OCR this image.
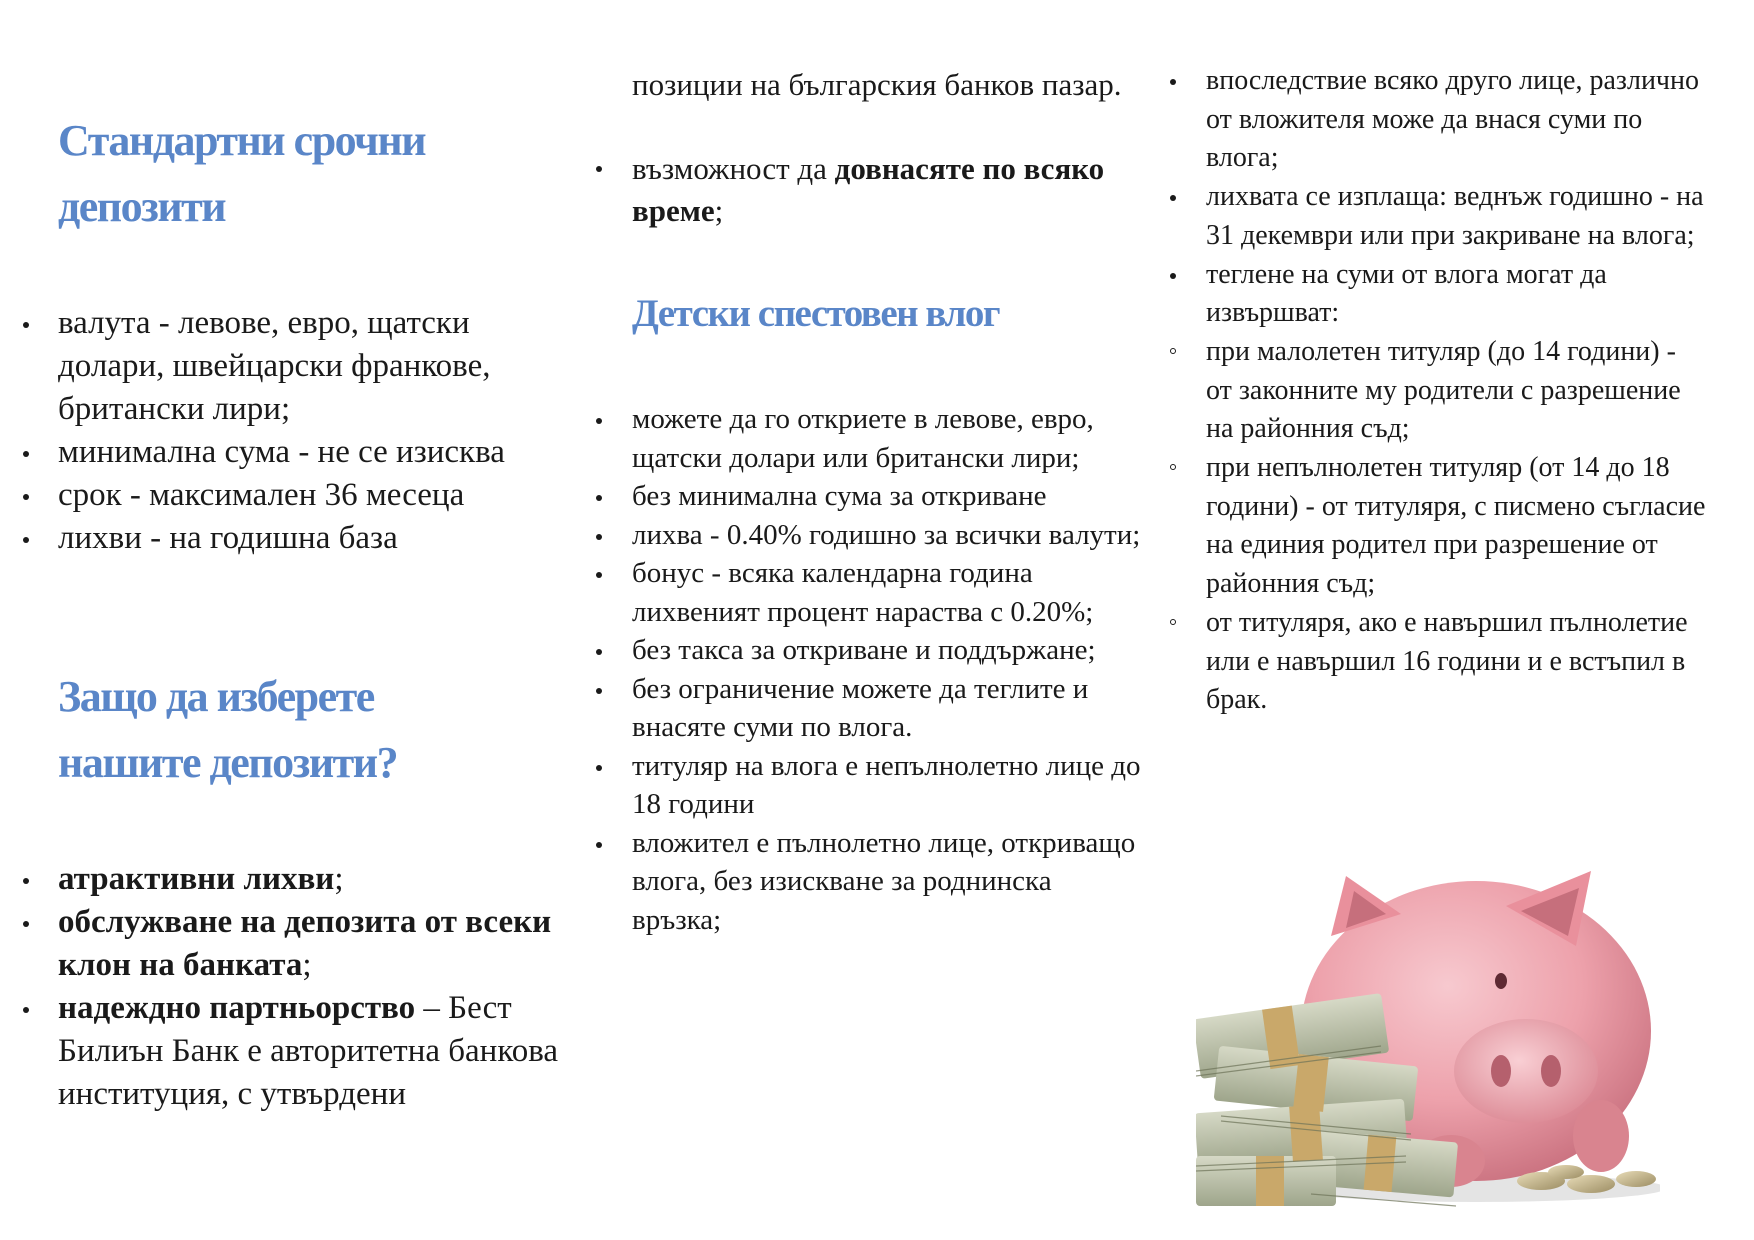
Стандартни срочни
депозити
валута - левове, евро, щатски долари, швейцарски франкове, британски лири;
минимална сума - не се изисква
срок - максимален 36 месеца
лихви - на годишна база
Защо да изберете
нашите депозити?
атрактивни лихви;
обслужване на депозита от всеки клон на банката;
надеждно партньорство – Бест Билиън Банк е авторитетна банкова институция, с утвърдени
позиции на българския банков пазар.
възможност да довнасяте по всяко време;
Детски спестовен влог
можете да го откриете в левове, евро, щатски долари или британски лири;
без минимална сума за откриване
лихва - 0.40% годишно за всички валути;
бонус - всяка календарна година лихвеният процент нараства с 0.20%;
без такса за откриване и поддържане;
без ограничение можете да теглите и внасяте суми по влога.
титуляр на влога е непълнолетно лице до 18 години
вложител е пълнолетно лице, откриващо влога, без изискване за роднинска връзка;
впоследствие всяко друго лице, различно от вложителя може да внася суми по влога;
лихвата се изплаща: веднъж годишно - на 31 декември или при закриване на влога;
теглене на суми от влога могат да извършват:
при малолетен титуляр (до 14 години) - от законните му родители с разрешение на районния съд;
при непълнолетен титуляр (от 14 до 18 години) - от титуляря, с писмено съгласие на единия родител при разрешение от районния съд;
от титуляря, ако е навършил пълнолетие или е навършил 16 години и е встъпил в брак.
